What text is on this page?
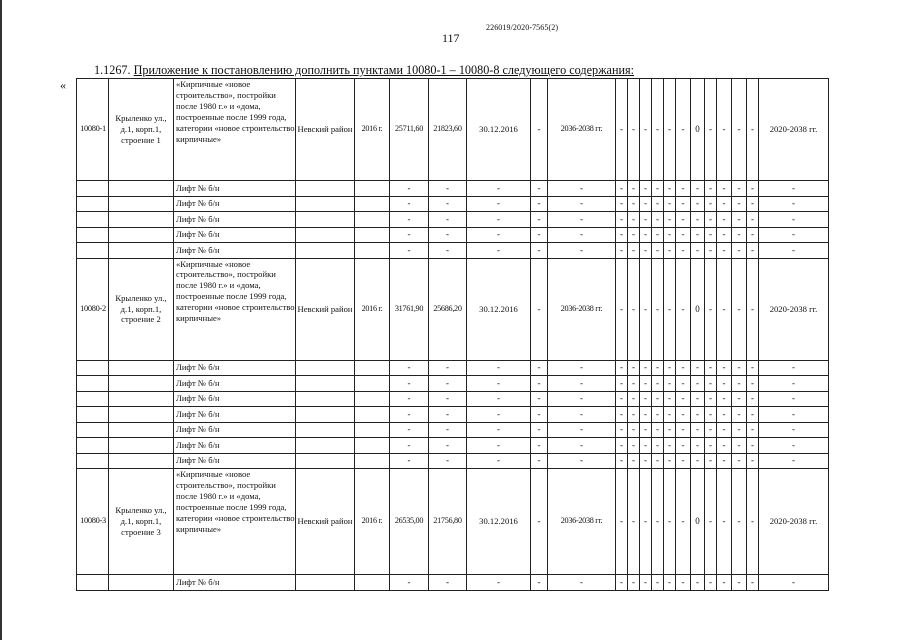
226019/2020-7565(2)
117
1.1267. Приложение к постановлению дополнить пунктами 10080-1 – 10080-8 следующего содержания:
«
10080-1	Крыленко ул., д.1, корп.1, строение 1	«Кирпичные «новое строительство», постройки после 1980 г.» и «дома, построенные после 1999 года, категории «новое строительство кирпичные»	Невский район	2016 г.	25711,60	21823,60	30.12.2016	-	2036-2038 гг.	-	-	-	-	-	-	0	-	-	-	-	2020-2038 гг.
		Лифт № б/н			-	-	-	-	-	-	-	-	-	-	-	-	-	-	-	-	-
		Лифт № б/н			-	-	-	-	-	-	-	-	-	-	-	-	-	-	-	-	-
		Лифт № б/н			-	-	-	-	-	-	-	-	-	-	-	-	-	-	-	-	-
		Лифт № б/н			-	-	-	-	-	-	-	-	-	-	-	-	-	-	-	-	-
		Лифт № б/н			-	-	-	-	-	-	-	-	-	-	-	-	-	-	-	-	-
10080-2	Крыленко ул., д.1, корп.1, строение 2	«Кирпичные «новое строительство», постройки после 1980 г.» и «дома, построенные после 1999 года, категории «новое строительство кирпичные»	Невский район	2016 г.	31761,90	25686,20	30.12.2016	-	2036-2038 гг.	-	-	-	-	-	-	0	-	-	-	-	2020-2038 гг.
		Лифт № б/н			-	-	-	-	-	-	-	-	-	-	-	-	-	-	-	-	-
		Лифт № б/н			-	-	-	-	-	-	-	-	-	-	-	-	-	-	-	-	-
		Лифт № б/н			-	-	-	-	-	-	-	-	-	-	-	-	-	-	-	-	-
		Лифт № б/н			-	-	-	-	-	-	-	-	-	-	-	-	-	-	-	-	-
		Лифт № б/н			-	-	-	-	-	-	-	-	-	-	-	-	-	-	-	-	-
		Лифт № б/н			-	-	-	-	-	-	-	-	-	-	-	-	-	-	-	-	-
		Лифт № б/н			-	-	-	-	-	-	-	-	-	-	-	-	-	-	-	-	-
10080-3	Крыленко ул., д.1, корп.1, строение 3	«Кирпичные «новое строительство», постройки после 1980 г.» и «дома, построенные после 1999 года, категории «новое строительство кирпичные»	Невский район	2016 г.	26535,00	21756,80	30.12.2016	-	2036-2038 гг.	-	-	-	-	-	-	0	-	-	-	-	2020-2038 гг.
		Лифт № б/н			-	-	-	-	-	-	-	-	-	-	-	-	-	-	-	-	-
